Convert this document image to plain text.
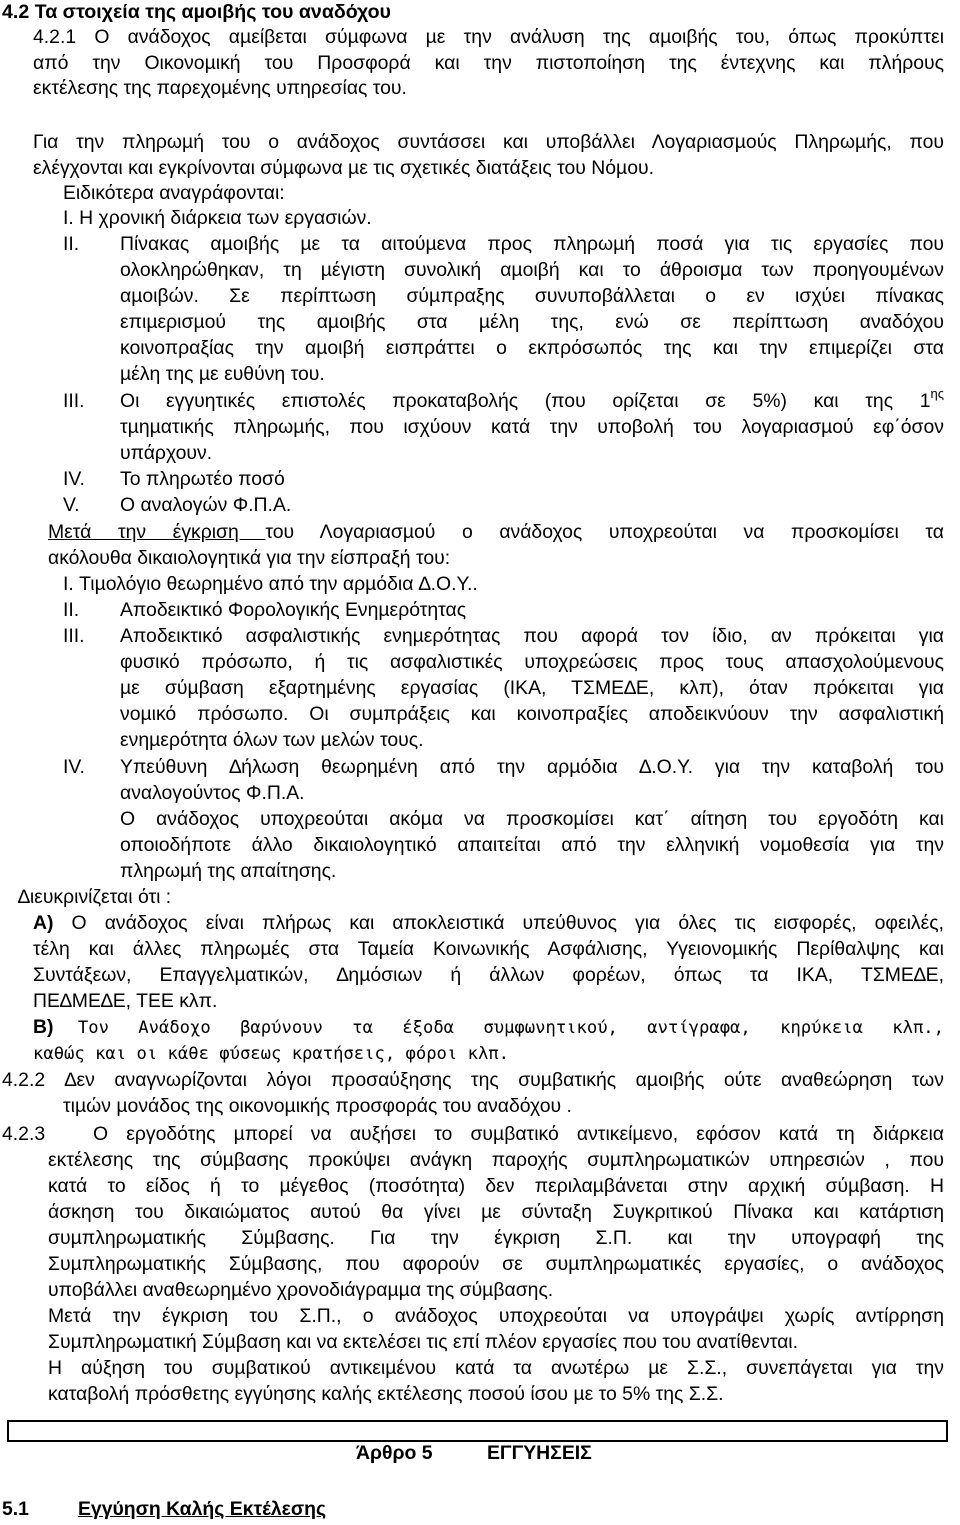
4.2 Τα στοιχεία της αµοιβής του αναδόχου
4.2.1 Ο ανάδοχος αµείβεται σύµφωνα µε την ανάλυση της αµοιβής του, όπως προκύπτει
από την Οικονοµική του Προσφορά και την πιστοποίηση της έντεχνης και πλήρους
εκτέλεσης της παρεχοµένης υπηρεσίας του.
Για την πληρωµή του ο ανάδοχος συντάσσει και υποβάλλει Λογαριασµούς Πληρωµής, που
ελέγχονται και εγκρίνονται σύµφωνα µε τις σχετικές διατάξεις του Νόµου.
Ειδικότερα αναγράφονται:
I. Η χρονική διάρκεια των εργασιών.
II. Πίνακας αµοιβής µε τα αιτούµενα προς πληρωµή ποσά για τις εργασίες που
ολοκληρώθηκαν, τη µέγιστη συνολική αµοιβή και το άθροισµα των προηγουµένων
αµοιβών. Σε περίπτωση σύµπραξης συνυποβάλλεται ο εν ισχύει πίνακας
επιµερισµού της αµοιβής στα µέλη της, ενώ σε περίπτωση αναδόχου
κοινοπραξίας την αµοιβή εισπράττει ο εκπρόσωπός της και την επιµερίζει στα
µέλη της µε ευθύνη του.
III. Οι εγγυητικές επιστολές προκαταβολής (που ορίζεται σε 5%) και της $1^{\eta\varsigma}$
τµηµατικής πληρωµής, που ισχύουν κατά την υποβολή του λογαριασµού εφ΄όσον
υπάρχουν.
IV. Το πληρωτέο ποσό
V. Ο αναλογών Φ.Π.Α.
Μετά την έγκριση του Λογαριασµού ο ανάδοχος υποχρεούται να προσκοµίσει τα
ακόλουθα δικαιολογητικά για την είσπραξή του:
I. Τιµολόγιο θεωρηµένο από την αρµόδια ∆.Ο.Υ..
II. Αποδεικτικό Φορολογικής Ενηµερότητας
III. Αποδεικτικό ασφαλιστικής ενηµερότητας που αφορά τον ίδιο, αν πρόκειται για
φυσικό πρόσωπο, ή τις ασφαλιστικές υποχρεώσεις προς τους απασχολούµενους
µε σύµβαση εξαρτηµένης εργασίας (ΙΚΑ, ΤΣΜΕ∆Ε, κλπ), όταν πρόκειται για
νοµικό πρόσωπο. Οι συµπράξεις και κοινοπραξίες αποδεικνύουν την ασφαλιστική
ενηµερότητα όλων των µελών τους.
IV. Υπεύθυνη ∆ήλωση θεωρηµένη από την αρµόδια ∆.Ο.Υ. για την καταβολή του
αναλογούντος Φ.Π.Α.
Ο ανάδοχος υποχρεούται ακόµα να προσκοµίσει κατ΄ αίτηση του εργοδότη και
οποιοδήποτε άλλο δικαιολογητικό απαιτείται από την ελληνική νοµοθεσία για την
πληρωµή της απαίτησης.
∆ιευκρινίζεται ότι :
Α) Ο ανάδοχος είναι πλήρως και αποκλειστικά υπεύθυνος για όλες τις εισφορές, οφειλές,
τέλη και άλλες πληρωµές στα Ταµεία Κοινωνικής Ασφάλισης, Υγειονοµικής Περίθαλψης και
Συντάξεων, Επαγγελµατικών, ∆ηµόσιων ή άλλων φορέων, όπως τα ΙΚΑ, ΤΣΜΕ∆Ε,
ΠΕ∆ΜΕ∆Ε, ΤΕΕ κλπ.
Β) Τον Ανάδοχο βαρύνουν τα έξοδα συµφωνητικού, αντίγραφα, κηρύκεια κλπ.,
καθώς και οι κάθε φύσεως κρατήσεις, φόροι κλπ.
4.2.2 ∆εν αναγνωρίζονται λόγοι προσαύξησης της συµβατικής αµοιβής ούτε αναθεώρηση των
τιµών µονάδος της οικονοµικής προσφοράς του αναδόχου .
4.2.3 Ο εργοδότης µπορεί να αυξήσει το συµβατικό αντικείµενο, εφόσον κατά τη διάρκεια
εκτέλεσης της σύµβασης προκύψει ανάγκη παροχής συµπληρωµατικών υπηρεσιών , που
κατά το είδος ή το µέγεθος (ποσότητα) δεν περιλαµβάνεται στην αρχική σύµβαση. Η
άσκηση του δικαιώµατος αυτού θα γίνει µε σύνταξη Συγκριτικού Πίνακα και κατάρτιση
συµπληρωµατικής Σύµβασης. Για την έγκριση Σ.Π. και την υπογραφή της
Συµπληρωµατικής Σύµβασης, που αφορούν σε συµπληρωµατικές εργασίες, ο ανάδοχος
υποβάλλει αναθεωρηµένο χρονοδιάγραµµα της σύµβασης.
Μετά την έγκριση του Σ.Π., ο ανάδοχος υποχρεούται να υπογράψει χωρίς αντίρρηση
Συµπληρωµατική Σύµβαση και να εκτελέσει τις επί πλέον εργασίες που του ανατίθενται.
Η αύξηση του συµβατικού αντικειµένου κατά τα ανωτέρω µε Σ.Σ., συνεπάγεται για την
καταβολή πρόσθετης εγγύησης καλής εκτέλεσης ποσού ίσου µε το 5% της Σ.Σ.
Άρθρο 5	ΕΓΓΥΗΣΕΙΣ
5.1	Εγγύηση Καλής Εκτέλεσης
